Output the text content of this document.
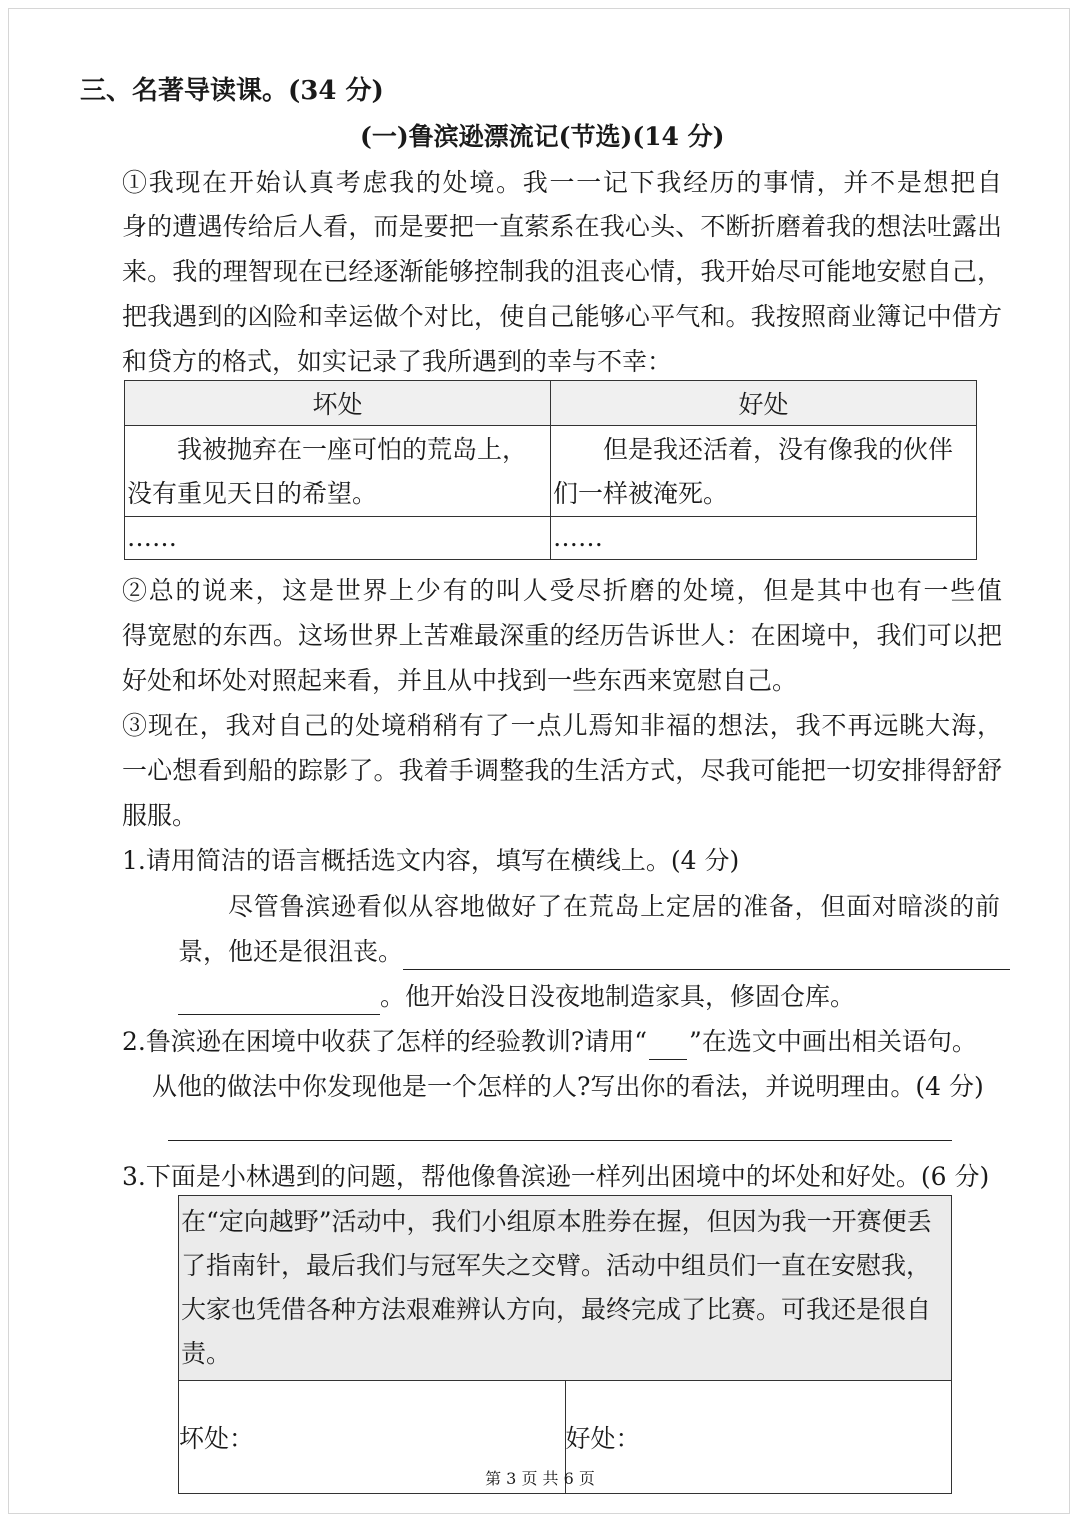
三、名著导读课。(34 分)
(一)鲁滨逊漂流记(节选)(14 分)
①我现在开始认真考虑我的处境。我一一记下我经历的事情，并不是想把自
身的遭遇传给后人看，而是要把一直萦系在我心头、不断折磨着我的想法吐露出
来。我的理智现在已经逐渐能够控制我的沮丧心情，我开始尽可能地安慰自己，
把我遇到的凶险和幸运做个对比，使自己能够心平气和。我按照商业簿记中借方
和贷方的格式，如实记录了我所遇到的幸与不幸：
坏处	好处

我被抛弃在一座可怕的荒岛上，没有重见天日的希望。	但是我还活着，没有像我的伙伴们一样被淹死。

……	……
②总的说来，这是世界上少有的叫人受尽折磨的处境，但是其中也有一些值
得宽慰的东西。这场世界上苦难最深重的经历告诉世人：在困境中，我们可以把
好处和坏处对照起来看，并且从中找到一些东西来宽慰自己。
③现在，我对自己的处境稍稍有了一点儿焉知非福的想法，我不再远眺大海，
一心想看到船的踪影了。我着手调整我的生活方式，尽我可能把一切安排得舒舒
服服。
1.请用简洁的语言概括选文内容，填写在横线上。(4 分)
尽管鲁滨逊看似从容地做好了在荒岛上定居的准备，但面对暗淡的前
景，他还是很沮丧。
。他开始没日没夜地制造家具，修固仓库。
2.鲁滨逊在困境中收获了怎样的经验教训?请用“ ”在选文中画出相关语句。
从他的做法中你发现他是一个怎样的人?写出你的看法，并说明理由。(4 分)
3.下面是小林遇到的问题，帮他像鲁滨逊一样列出困境中的坏处和好处。(6 分)
在“定向越野”活动中，我们小组原本胜券在握，但因为我一开赛便丢了指南针，最后我们与冠军失之交臂。活动中组员们一直在安慰我，大家也凭借各种方法艰难辨认方向，最终完成了比赛。可我还是很自责。
坏处：	好处：
第 3 页 共 6 页
